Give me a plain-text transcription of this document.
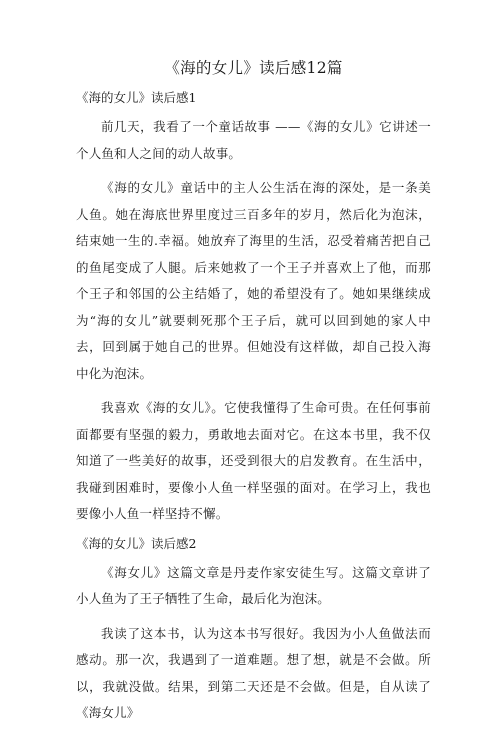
《海的女儿》读后感12篇
《海的女儿》读后感1

前几天，我看了一个童话故事 ——《海的女儿》它讲述一个人鱼和人之间的动人故事。

《海的女儿》童话中的主人公生活在海的深处，是一条美人鱼。她在海底世界里度过三百多年的岁月，然后化为泡沫，结束她一生的.幸福。她放弃了海里的生活，忍受着痛苦把自己的鱼尾变成了人腿。后来她救了一个王子并喜欢上了他，而那个王子和邻国的公主结婚了，她的希望没有了。她如果继续成为“海的女儿”就要刺死那个王子后，就可以回到她的家人中去，回到属于她自己的世界。但她没有这样做，却自己投入海中化为泡沫。

我喜欢《海的女儿》。它使我懂得了生命可贵。在任何事前面都要有坚强的毅力，勇敢地去面对它。在这本书里，我不仅知道了一些美好的故事，还受到很大的启发教育。在生活中，我碰到困难时，要像小人鱼一样坚强的面对。在学习上，我也要像小人鱼一样坚持不懈。

《海的女儿》读后感2

《海女儿》这篇文章是丹麦作家安徒生写。这篇文章讲了小人鱼为了王子牺牲了生命，最后化为泡沫。

我读了这本书，认为这本书写很好。我因为小人鱼做法而感动。那一次，我遇到了一道难题。想了想，就是不会做。所以，我就没做。结果，到第二天还是不会做。但是，自从读了《海女儿》
